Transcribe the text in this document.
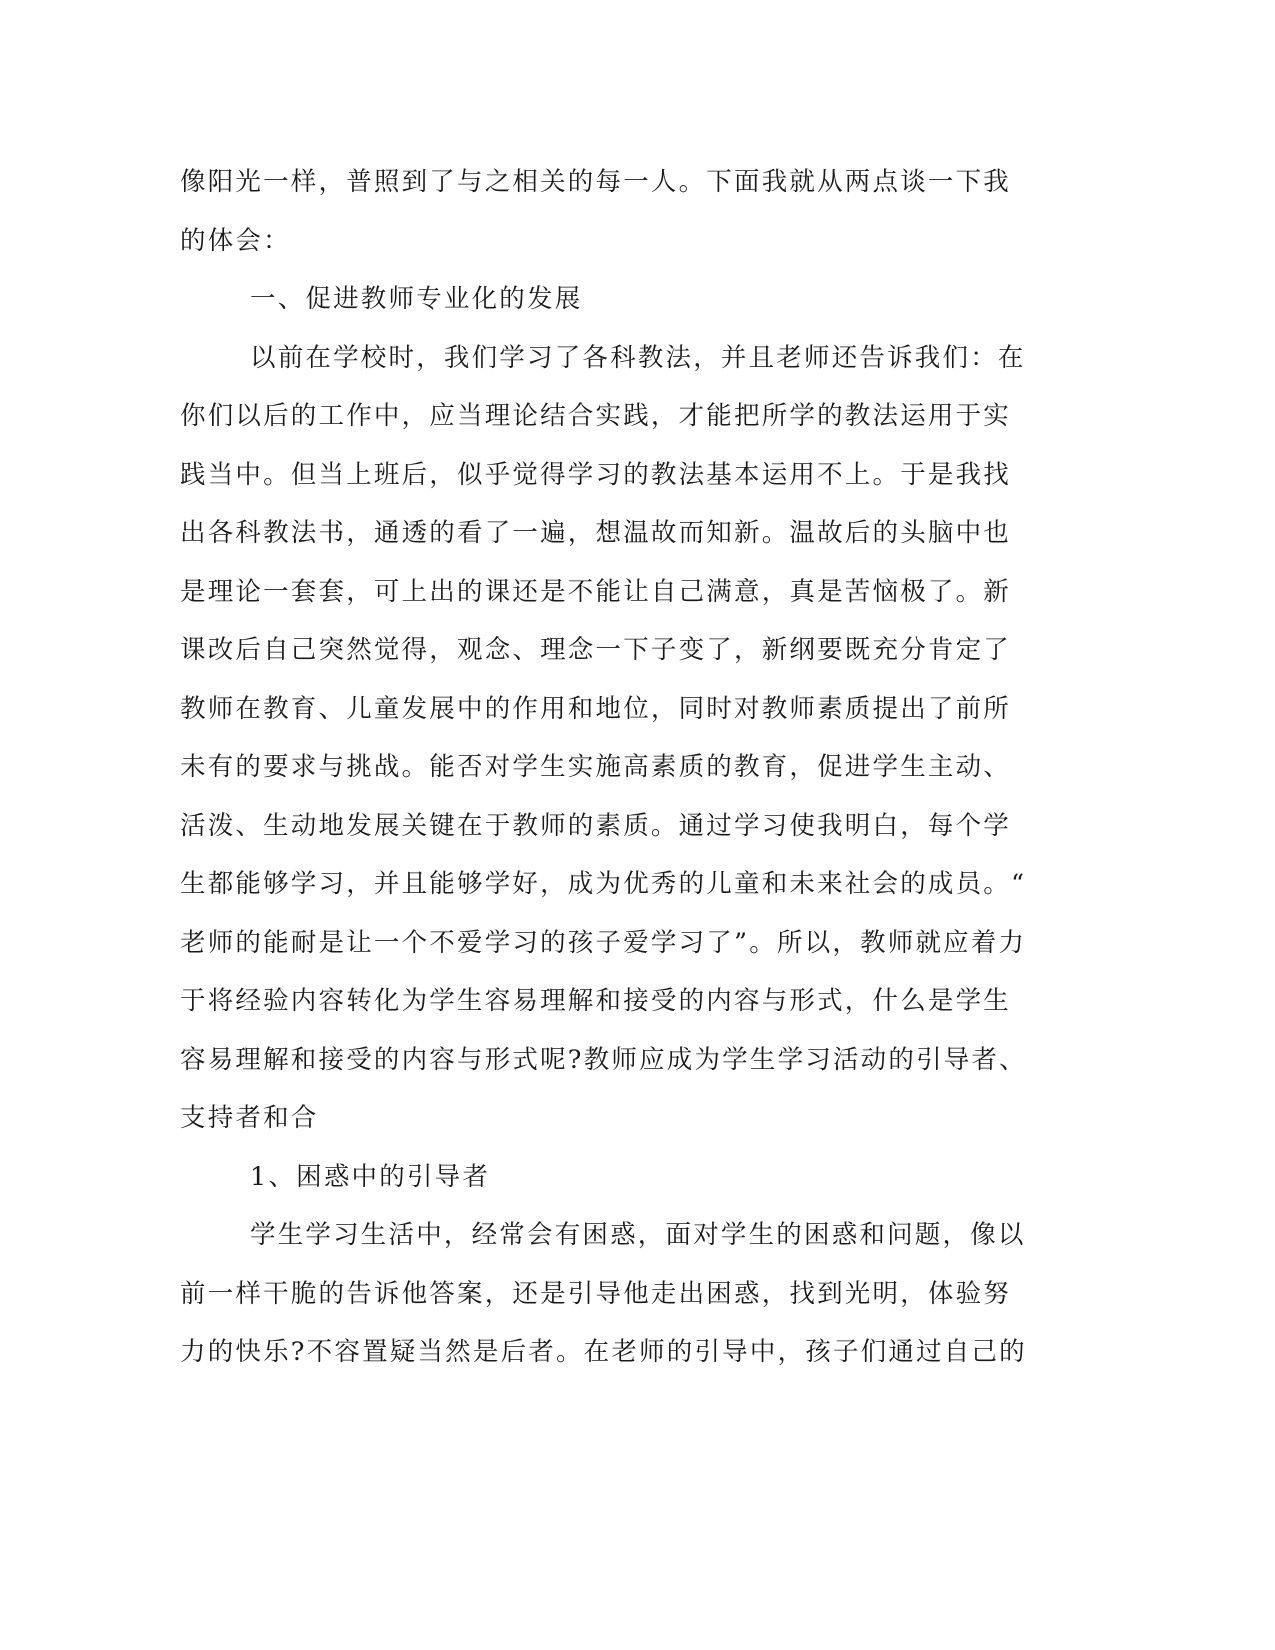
像阳光一样，普照到了与之相关的每一人。下面我就从两点谈一下我
的体会：
一、促进教师专业化的发展
以前在学校时，我们学习了各科教法，并且老师还告诉我们：在
你们以后的工作中，应当理论结合实践，才能把所学的教法运用于实
践当中。但当上班后，似乎觉得学习的教法基本运用不上。于是我找
出各科教法书，通透的看了一遍，想温故而知新。温故后的头脑中也
是理论一套套，可上出的课还是不能让自己满意，真是苦恼极了。新
课改后自己突然觉得，观念、理念一下子变了，新纲要既充分肯定了
教师在教育、儿童发展中的作用和地位，同时对教师素质提出了前所
未有的要求与挑战。能否对学生实施高素质的教育，促进学生主动、
活泼、生动地发展关键在于教师的素质。通过学习使我明白，每个学
生都能够学习，并且能够学好，成为优秀的儿童和未来社会的成员。“
老师的能耐是让一个不爱学习的孩子爱学习了”。所以，教师就应着力
于将经验内容转化为学生容易理解和接受的内容与形式，什么是学生
容易理解和接受的内容与形式呢?教师应成为学生学习活动的引导者、
支持者和合
1、困惑中的引导者
学生学习生活中，经常会有困惑，面对学生的困惑和问题，像以
前一样干脆的告诉他答案，还是引导他走出困惑，找到光明，体验努
力的快乐?不容置疑当然是后者。在老师的引导中，孩子们通过自己的
